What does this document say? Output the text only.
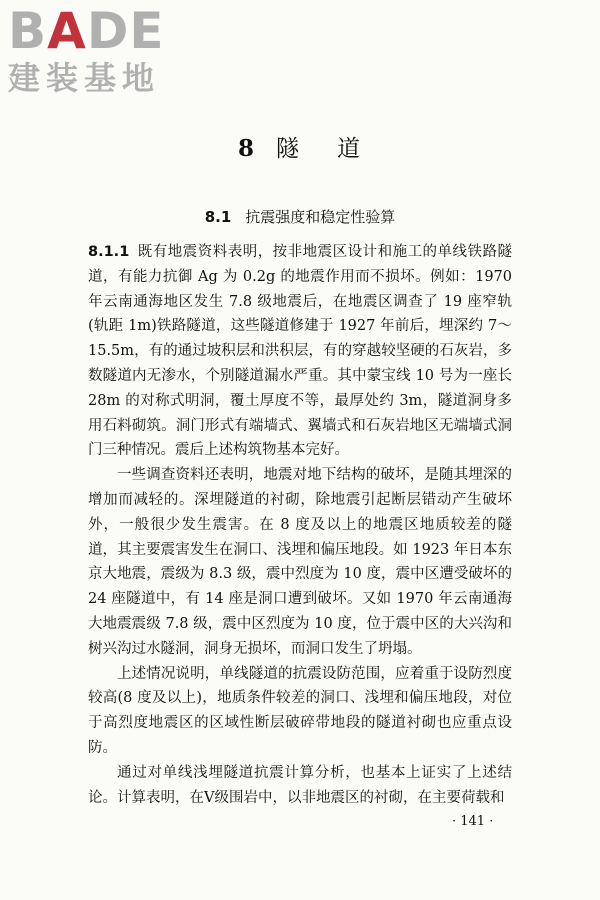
BADE
建装基地
8 隧 道
8.1 抗震强度和稳定性验算

8.1.1 既有地震资料表明，按非地震区设计和施工的单线铁路隧道，有能力抗御 Ag 为 0.2g 的地震作用而不损坏。例如：1970 年云南通海地区发生 7.8 级地震后，在地震区调查了 19 座窄轨(轨距 1m)铁路隧道，这些隧道修建于 1927 年前后，埋深约 7～15.5m，有的通过坡积层和洪积层，有的穿越较坚硬的石灰岩，多数隧道内无渗水，个别隧道漏水严重。其中蒙宝线 10 号为一座长 28m 的对称式明洞，覆土厚度不等，最厚处约 3m，隧道洞身多用石料砌筑。洞门形式有端墙式、翼墙式和石灰岩地区无端墙式洞门三种情况。震后上述构筑物基本完好。

一些调查资料还表明，地震对地下结构的破坏，是随其埋深的增加而减轻的。深埋隧道的衬砌，除地震引起断层错动产生破坏外，一般很少发生震害。在 8 度及以上的地震区地质较差的隧道，其主要震害发生在洞口、浅埋和偏压地段。如 1923 年日本东京大地震，震级为 8.3 级，震中烈度为 10 度，震中区遭受破坏的 24 座隧道中，有 14 座是洞口遭到破坏。又如 1970 年云南通海大地震震级 7.8 级，震中区烈度为 10 度，位于震中区的大兴沟和树兴沟过水隧洞，洞身无损坏，而洞口发生了坍塌。

上述情况说明，单线隧道的抗震设防范围，应着重于设防烈度较高(8 度及以上)，地质条件较差的洞口、浅埋和偏压地段，对位于高烈度地震区的区域性断层破碎带地段的隧道衬砌也应重点设防。

通过对单线浅埋隧道抗震计算分析，也基本上证实了上述结论。计算表明，在Ⅴ级围岩中，以非地震区的衬砌，在主要荷载和

· 141 ·
